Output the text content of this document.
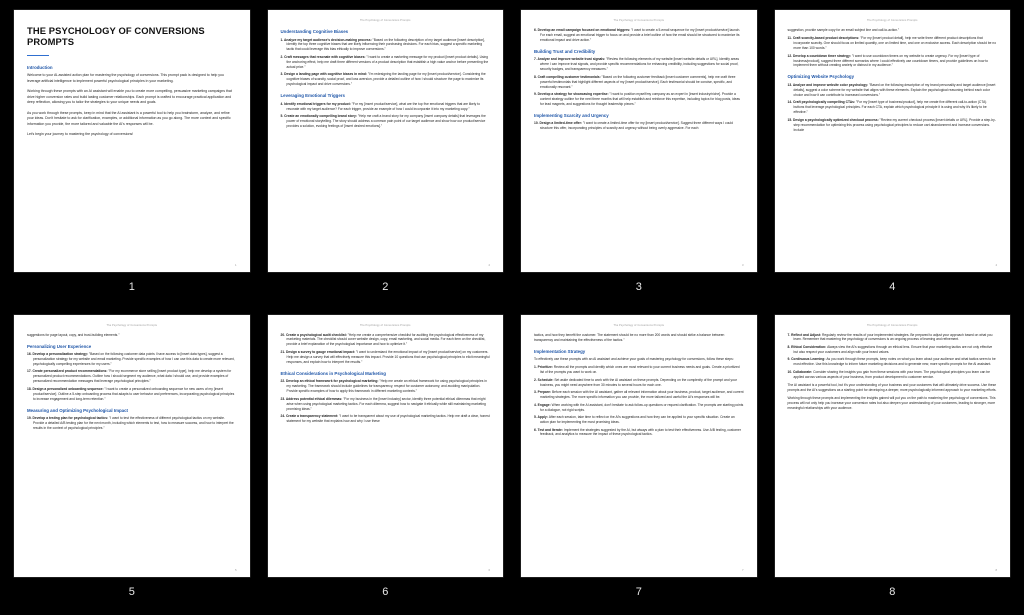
THE PSYCHOLOGY OF CONVERSIONS PROMPTS
Introduction
Welcome to your AI-assisted action plan for mastering the psychology of conversions. This prompt pack is designed to help you leverage artificial intelligence to implement powerful psychological principles in your marketing.
Working through these prompts with an AI assistant will enable you to create more compelling, persuasive marketing campaigns that drive higher conversion rates and build lasting customer relationships. Each prompt is crafted to encourage practical application and deep reflection, allowing you to tailor the strategies to your unique needs and goals.
As you work through these prompts, keep in mind that the AI assistant is a powerful tool to help you brainstorm, analyze, and refine your ideas. Don't hesitate to ask for clarification, examples, or additional information as you go along. The more context and specific information you provide, the more tailored and valuable the AI's responses will be.
Let's begin your journey to mastering the psychology of conversions!
1
1
The Psychology of Conversions Prompts
Understanding Cognitive Biases
1. Analyze my target audience's decision-making process: "Based on the following description of my target audience [insert description], identify the top three cognitive biases that are likely influencing their purchasing decisions. For each bias, suggest a specific marketing tactic that could leverage this bias ethically to improve conversions."
2. Craft messages that resonate with cognitive biases: "I want to create a marketing message for my product [insert product details]. Using the anchoring effect, help me draft three different versions of a product description that establish a high value anchor before presenting the actual price."
3. Design a landing page with cognitive biases in mind: "I'm redesigning the landing page for my [insert product/service]. Considering the cognitive biases of scarcity, social proof, and loss aversion, provide a detailed outline of how I should structure the page to maximize its psychological impact and drive conversions."
Leveraging Emotional Triggers
4. Identify emotional triggers for my product: "For my [insert product/service], what are the top five emotional triggers that are likely to resonate with my target audience? For each trigger, provide an example of how I could incorporate it into my marketing copy."
5. Create an emotionally compelling brand story: "Help me craft a brand story for my company [insert company details] that leverages the power of emotional storytelling. The story should address a common pain point of our target audience and show how our product/service provides a solution, evoking feelings of [insert desired emotions]."
2
2
The Psychology of Conversions Prompts
6. Develop an email campaign focused on emotional triggers: "I want to create a 5-email sequence for my [insert product/service] launch. For each email, suggest an emotional trigger to focus on and provide a brief outline of how the email should be structured to maximize its emotional impact and drive action."
Building Trust and Credibility
7. Analyze and improve website trust signals: "Review the following elements of my website [insert website details or URL]. Identify areas where I can improve trust signals, and provide specific recommendations for enhancing credibility, including suggestions for social proof, security badges, and transparency measures."
8. Craft compelling customer testimonials: "Based on the following customer feedback [insert customer comments], help me craft three powerful testimonials that highlight different aspects of my [insert product/service]. Each testimonial should be concise, specific, and emotionally resonant."
9. Develop a strategy for showcasing expertise: "I want to position myself/my company as an expert in [insert industry/niche]. Provide a content strategy outline for the next three months that will help establish and reinforce this expertise, including topics for blog posts, ideas for lead magnets, and suggestions for thought leadership pieces."
Implementing Scarcity and Urgency
10. Design a limited-time offer: "I want to create a limited-time offer for my [insert product/service]. Suggest three different ways I could structure this offer, incorporating principles of scarcity and urgency without being overly aggressive. For each
3
3
The Psychology of Conversions Prompts
suggestion, provide sample copy for an email subject line and call-to-action."
11. Craft scarcity-based product descriptions: "For my [insert product detail], help me write three different product descriptions that incorporate scarcity. One should focus on limited quantity, one on limited time, and one on exclusive access. Each description should be no more than 100 words."
12. Develop a countdown timer strategy: "I want to use countdown timers on my website to create urgency. For my [insert type of business/product], suggest three different scenarios where I could effectively use countdown timers, and provide guidelines on how to implement them without creating anxiety or distrust in my audience."
Optimizing Website Psychology
13. Analyze and improve website color psychology: "Based on the following description of my brand personality and target audience [insert details], suggest a color scheme for my website that aligns with these elements. Explain the psychological reasoning behind each color choice and how it can contribute to increased conversions."
14. Craft psychologically compelling CTAs: "For my [insert type of business/product], help me create five different call-to-action (CTA) buttons that leverage psychological principles. For each CTA, explain which psychological principle it is using and why it's likely to be effective."
15. Design a psychologically optimized checkout process: "Review my current checkout process [insert details or URL]. Provide a step-by-step recommendation for optimizing this process using psychological principles to reduce cart abandonment and increase conversions. Include
4
4
The Psychology of Conversions Prompts
suggestions for page layout, copy, and trust-building elements."
Personalizing User Experience
16. Develop a personalization strategy: "Based on the following customer data points I have access to [insert data types], suggest a personalization strategy for my website and email marketing. Provide specific examples of how I can use this data to create more relevant, psychologically compelling experiences for my users."
17. Create personalized product recommendations: "For my ecommerce store selling [insert product type], help me develop a system for personalized product recommendations. Outline how I should segment my audience, what data I should use, and provide examples of personalized recommendation messages that leverage psychological principles."
18. Design a personalized onboarding sequence: "I want to create a personalized onboarding sequence for new users of my [insert product/service]. Outline a 5-step onboarding process that adapts to user behavior and preferences, incorporating psychological principles to increase engagement and long-term retention."
Measuring and Optimizing Psychological Impact
19. Develop a testing plan for psychological tactics: "I want to test the effectiveness of different psychological tactics on my website. Provide a detailed A/B testing plan for the next month, including which elements to test, how to measure success, and how to interpret the results in the context of psychological principles."
5
5
The Psychology of Conversions Prompts
20. Create a psychological audit checklist: "Help me create a comprehensive checklist for auditing the psychological effectiveness of my marketing materials. The checklist should cover website design, copy, email marketing, and social media. For each item on the checklist, provide a brief explanation of the psychological importance and how to optimize it."
21. Design a survey to gauge emotional impact: "I want to understand the emotional impact of my [insert product/service] on my customers. Help me design a survey that will effectively measure this impact. Provide 10 questions that use psychological principles to elicit meaningful responses, and explain how to interpret the results."
Ethical Considerations in Psychological Marketing
22. Develop an ethical framework for psychological marketing: "Help me create an ethical framework for using psychological principles in my marketing. The framework should include guidelines for transparency, respect for customer autonomy, and avoiding manipulation. Provide specific examples of how to apply this framework in different marketing contexts."
23. Address potential ethical dilemmas: "For my business in the [insert industry] sector, identify three potential ethical dilemmas that might arise when using psychological marketing tactics. For each dilemma, suggest how to navigate it ethically while still maintaining marketing promising ideas."
24. Create a transparency statement: "I want to be transparent about my use of psychological marketing tactics. Help me draft a clear, honest statement for my website that explains how and why I use these
6
6
The Psychology of Conversions Prompts
tactics, and how they benefit the customer. The statement should be no more than 200 words and should strike a balance between transparency and maintaining the effectiveness of the tactics."
Implementation Strategy
To effectively use these prompts with an AI assistant and achieve your goals of mastering psychology for conversions, follow these steps:
1. Prioritize: Review all the prompts and identify which ones are most relevant to your current business needs and goals. Create a prioritized list of the prompts you want to work on.
2. Schedule: Set aside dedicated time to work with the AI assistant on these prompts. Depending on the complexity of the prompt and your business, you might need anywhere from 30 minutes to several hours for each one.
3. Prepare: Before each session with the AI assistant, gather all relevant information about your business, product, target audience, and current marketing strategies. The more specific information you can provide, the more tailored and useful the AI's responses will be.
4. Engage: When working with the AI assistant, don't hesitate to ask follow-up questions or request clarification. The prompts are starting points for a dialogue, not rigid scripts.
5. Apply: After each session, take time to reflect on the AI's suggestions and how they can be applied to your specific situation. Create an action plan for implementing the most promising ideas.
6. Test and Iterate: Implement the strategies suggested by the AI, but always with a plan to test their effectiveness. Use A/B testing, customer feedback, and analytics to measure the impact of these psychological tactics.
7
7
The Psychology of Conversions Prompts
7. Reflect and Adjust: Regularly review the results of your implemented strategies. Be prepared to adjust your approach based on what you learn. Remember that mastering the psychology of conversions is an ongoing process of learning and refinement.
8. Ethical Consideration: Always view the AI's suggestions through an ethical lens. Ensure that your marketing tactics are not only effective but also respect your customers and align with your brand values.
9. Continuous Learning: As you work through these prompts, keep notes on what you learn about your audience and what tactics seem to be most effective. Use this knowledge to inform future marketing decisions and to generate new, more specific prompts for the AI assistant.
10. Collaborate: Consider sharing the insights you gain from these sessions with your team. The psychological principles you learn can be applied across various aspects of your business, from product development to customer service.
The AI assistant is a powerful tool, but it's your understanding of your business and your customers that will ultimately drive success. Use these prompts and the AI's suggestions as a starting point for developing a deeper, more psychologically informed approach to your marketing efforts.
Working through these prompts and implementing the insights gained will put you on the path to mastering the psychology of conversions. This process will not only help you increase your conversion rates but also deepen your understanding of your customers, leading to stronger, more meaningful relationships with your audience.
8
8
